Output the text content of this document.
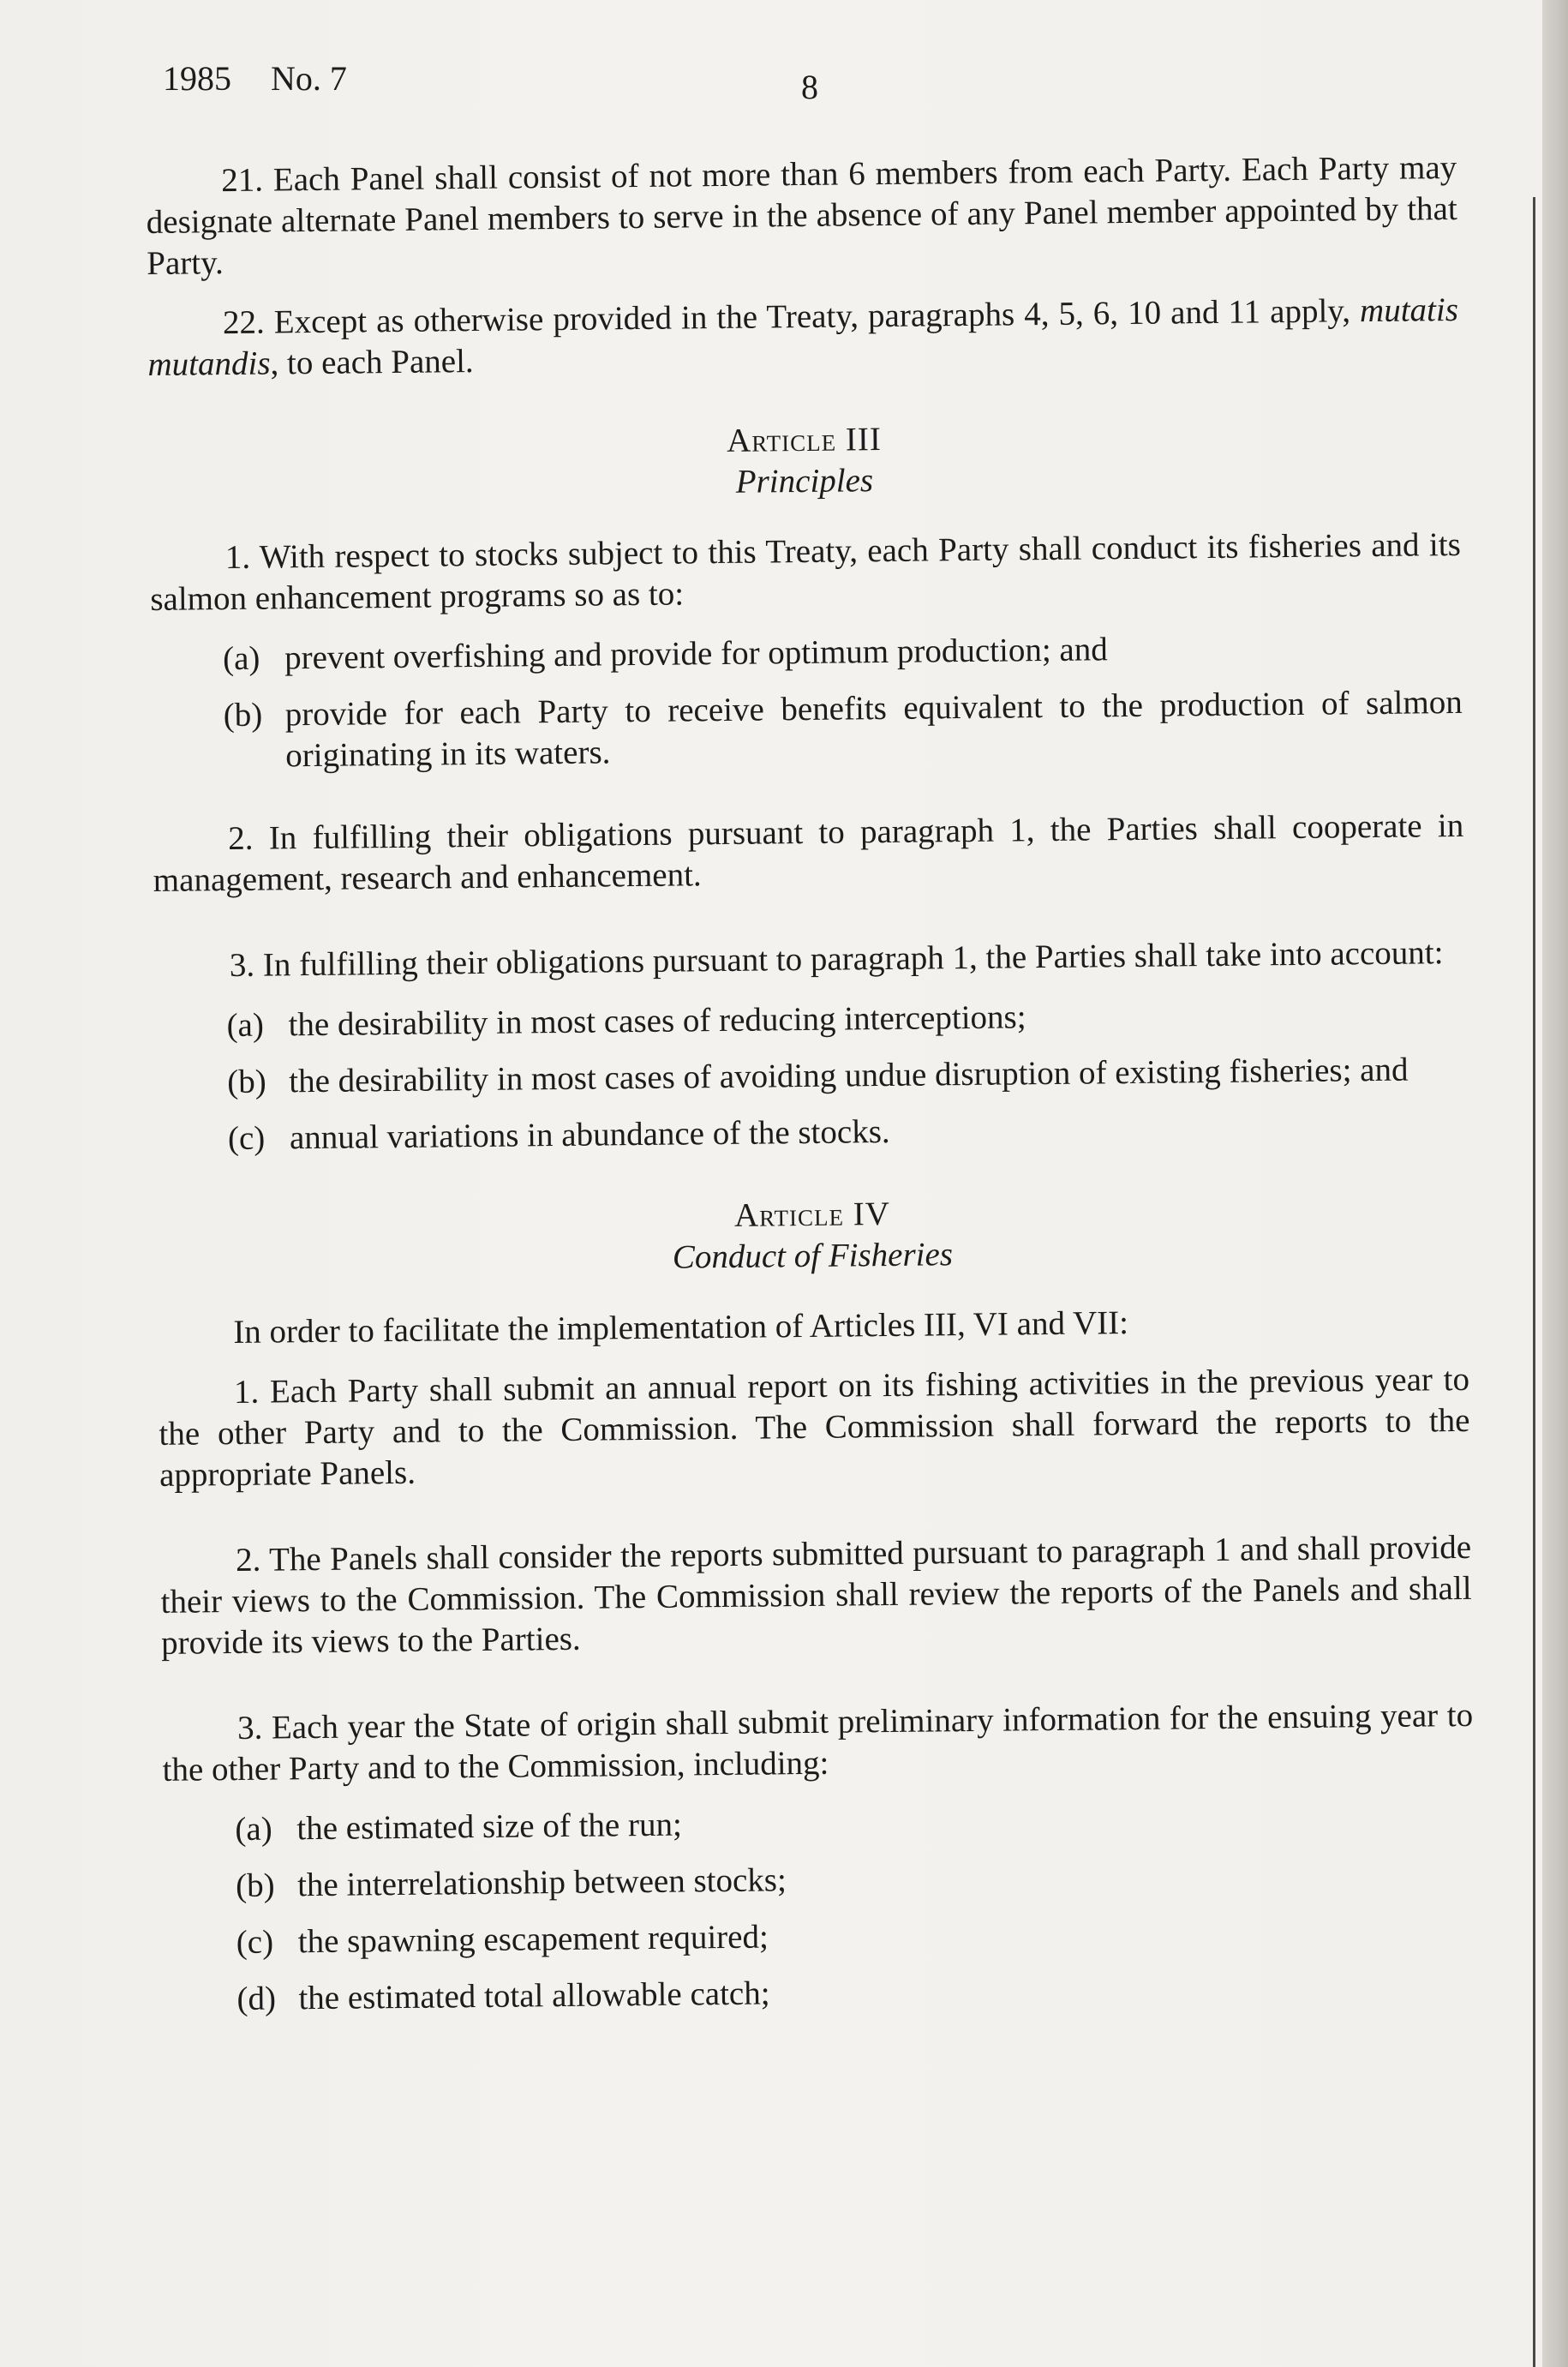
1985 No. 7	8

21. Each Panel shall consist of not more than 6 members from each Party. Each Party may designate alternate Panel members to serve in the absence of any Panel member appointed by that Party.

22. Except as otherwise provided in the Treaty, paragraphs 4, 5, 6, 10 and 11 apply, mutatis mutandis, to each Panel.

Article III

Principles

1. With respect to stocks subject to this Treaty, each Party shall conduct its fisheries and its salmon enhancement programs so as to:

(a) prevent overfishing and provide for optimum production; and
(b) provide for each Party to receive benefits equivalent to the production of salmon originating in its waters.

2. In fulfilling their obligations pursuant to paragraph 1, the Parties shall cooperate in management, research and enhancement.

3. In fulfilling their obligations pursuant to paragraph 1, the Parties shall take into account:

(a) the desirability in most cases of reducing interceptions;
(b) the desirability in most cases of avoiding undue disruption of existing fisheries; and
(c) annual variations in abundance of the stocks.

Article IV

Conduct of Fisheries

In order to facilitate the implementation of Articles III, VI and VII:

1. Each Party shall submit an annual report on its fishing activities in the previous year to the other Party and to the Commission. The Commission shall forward the reports to the appropriate Panels.

2. The Panels shall consider the reports submitted pursuant to paragraph 1 and shall provide their views to the Commission. The Commission shall review the reports of the Panels and shall provide its views to the Parties.

3. Each year the State of origin shall submit preliminary information for the ensuing year to the other Party and to the Commission, including:

(a) the estimated size of the run;
(b) the interrelationship between stocks;
(c) the spawning escapement required;
(d) the estimated total allowable catch;
